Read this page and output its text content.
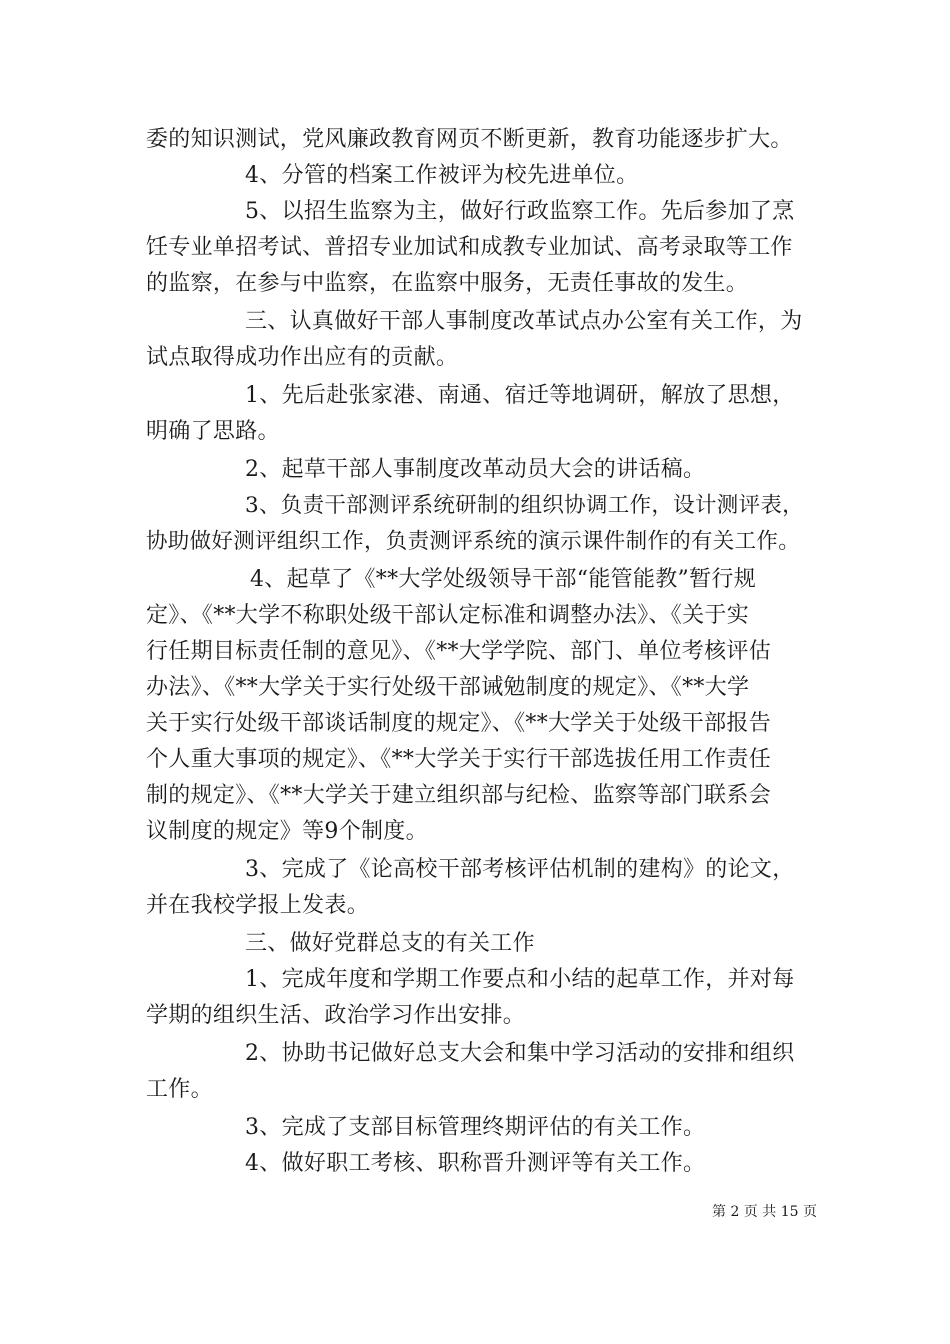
委的知识测试，党风廉政教育网页不断更新，教育功能逐步扩大。
4、分管的档案工作被评为校先进单位。
5、以招生监察为主，做好行政监察工作。先后参加了烹
饪专业单招考试、普招专业加试和成教专业加试、高考录取等工作
的监察，在参与中监察，在监察中服务，无责任事故的发生。
三、认真做好干部人事制度改革试点办公室有关工作，为
试点取得成功作出应有的贡献。
1、先后赴张家港、南通、宿迁等地调研，解放了思想，
明确了思路。
2、起草干部人事制度改革动员大会的讲话稿。
3、负责干部测评系统研制的组织协调工作，设计测评表，
协助做好测评组织工作，负责测评系统的演示课件制作的有关工作。
4、起草了《**大学处级领导干部“能管能教”暂行规
定》、《**大学不称职处级干部认定标准和调整办法》、《关于实
行任期目标责任制的意见》、《**大学学院、部门、单位考核评估
办法》、《**大学关于实行处级干部诫勉制度的规定》、《**大学
关于实行处级干部谈话制度的规定》、《**大学关于处级干部报告
个人重大事项的规定》、《**大学关于实行干部选拔任用工作责任
制的规定》、《**大学关于建立组织部与纪检、监察等部门联系会
议制度的规定》等9个制度。
3、完成了《论高校干部考核评估机制的建构》的论文，
并在我校学报上发表。
三、做好党群总支的有关工作
1、完成年度和学期工作要点和小结的起草工作，并对每
学期的组织生活、政治学习作出安排。
2、协助书记做好总支大会和集中学习活动的安排和组织
工作。
3、完成了支部目标管理终期评估的有关工作。
4、做好职工考核、职称晋升测评等有关工作。
第 2 页 共 15 页
